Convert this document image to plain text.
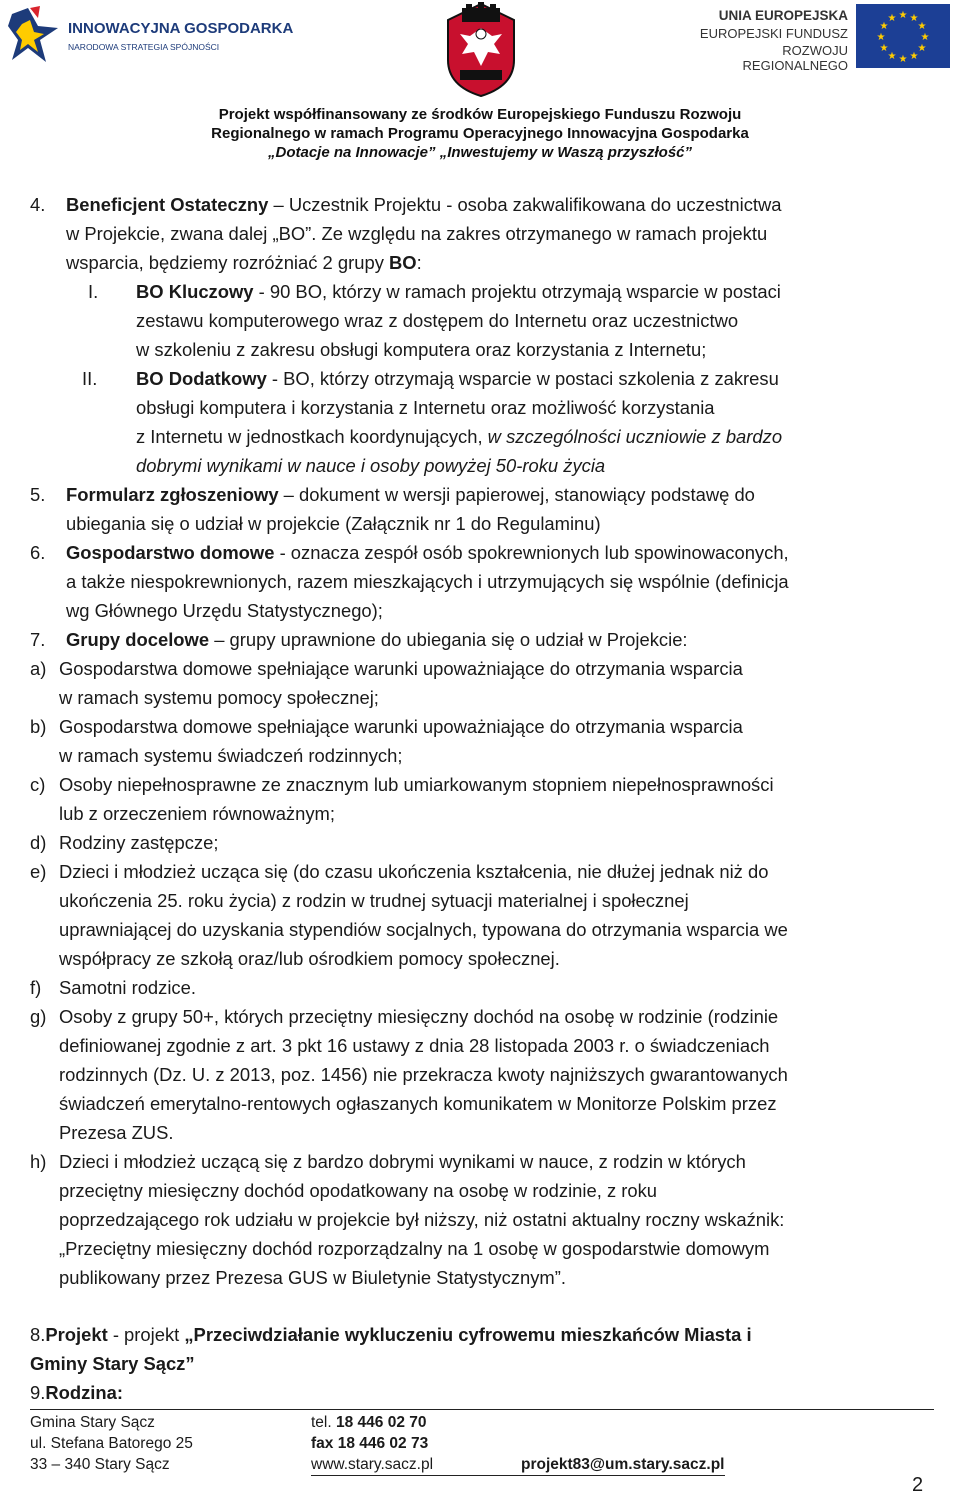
INNOWACYJNA GOSPODARKA
NARODOWA STRATEGIA SPÓJNOŚCI
UNIA EUROPEJSKA
EUROPEJSKI FUNDUSZ
ROZWOJU REGIONALNEGO
★ ★
★
★
★
★
★
★
★
★
★
★
Projekt współfinansowany ze środków Europejskiego Funduszu Rozwoju
Regionalnego w ramach Programu Operacyjnego Innowacyjna Gospodarka
„Dotacje na Innowacje” „Inwestujemy w Waszą przyszłość”
4. Beneficjent Ostateczny – Uczestnik Projektu - osoba zakwalifikowana do uczestnictwa
w Projekcie, zwana dalej „BO”. Ze względu na zakres otrzymanego w ramach projektu
wsparcia, będziemy rozróżniać 2 grupy BO:
I. BO Kluczowy - 90 BO, którzy w ramach projektu otrzymają wsparcie w postaci
zestawu komputerowego wraz z dostępem do Internetu oraz uczestnictwo
w szkoleniu z zakresu obsługi komputera oraz korzystania z Internetu;
II. BO Dodatkowy - BO, którzy otrzymają wsparcie w postaci szkolenia z zakresu
obsługi komputera i korzystania z Internetu oraz możliwość korzystania
z Internetu w jednostkach koordynujących, w szczególności uczniowie z bardzo
dobrymi wynikami w nauce i osoby powyżej 50-roku życia
5. Formularz zgłoszeniowy – dokument w wersji papierowej, stanowiący podstawę do
ubiegania się o udział w projekcie (Załącznik nr 1 do Regulaminu)
6. Gospodarstwo domowe - oznacza zespół osób spokrewnionych lub spowinowaconych,
a także niespokrewnionych, razem mieszkających i utrzymujących się wspólnie (definicja
wg Głównego Urzędu Statystycznego);
7. Grupy docelowe – grupy uprawnione do ubiegania się o udział w Projekcie:
a) Gospodarstwa domowe spełniające warunki upoważniające do otrzymania wsparcia
w ramach systemu pomocy społecznej;
b) Gospodarstwa domowe spełniające warunki upoważniające do otrzymania wsparcia
w ramach systemu świadczeń rodzinnych;
c) Osoby niepełnosprawne ze znacznym lub umiarkowanym stopniem niepełnosprawności
lub z orzeczeniem równoważnym;
d) Rodziny zastępcze;
e) Dzieci i młodzież ucząca się (do czasu ukończenia kształcenia, nie dłużej jednak niż do
ukończenia 25. roku życia) z rodzin w trudnej sytuacji materialnej i społecznej
uprawniającej do uzyskania stypendiów socjalnych, typowana do otrzymania wsparcia we
współpracy ze szkołą oraz/lub ośrodkiem pomocy społecznej.
f) Samotni rodzice.
g) Osoby z grupy 50+, których przeciętny miesięczny dochód na osobę w rodzinie (rodzinie
definiowanej zgodnie z art. 3 pkt 16 ustawy z dnia 28 listopada 2003 r. o świadczeniach
rodzinnych (Dz. U. z 2013, poz. 1456) nie przekracza kwoty najniższych gwarantowanych
świadczeń emerytalno-rentowych ogłaszanych komunikatem w Monitorze Polskim przez
Prezesa ZUS.
h) Dzieci i młodzież uczącą się z bardzo dobrymi wynikami w nauce, z rodzin w których
przeciętny miesięczny dochód opodatkowany na osobę w rodzinie, z roku
poprzedzającego rok udziału w projekcie był niższy, niż ostatni aktualny roczny wskaźnik:
„Przeciętny miesięczny dochód rozporządzalny na 1 osobę w gospodarstwie domowym
publikowany przez Prezesa GUS w Biuletynie Statystycznym”.
8.Projekt - projekt „Przeciwdziałanie wykluczeniu cyfrowemu mieszkańców Miasta i
Gminy Stary Sącz”
9.Rodzina:
Gmina Stary Sącz
ul. Stefana Batorego 25
33 – 340 Stary Sącz
tel. 18 446 02 70
fax 18 446 02 73
www.stary.sacz.pl	projekt83@um.stary.sacz.pl
2
